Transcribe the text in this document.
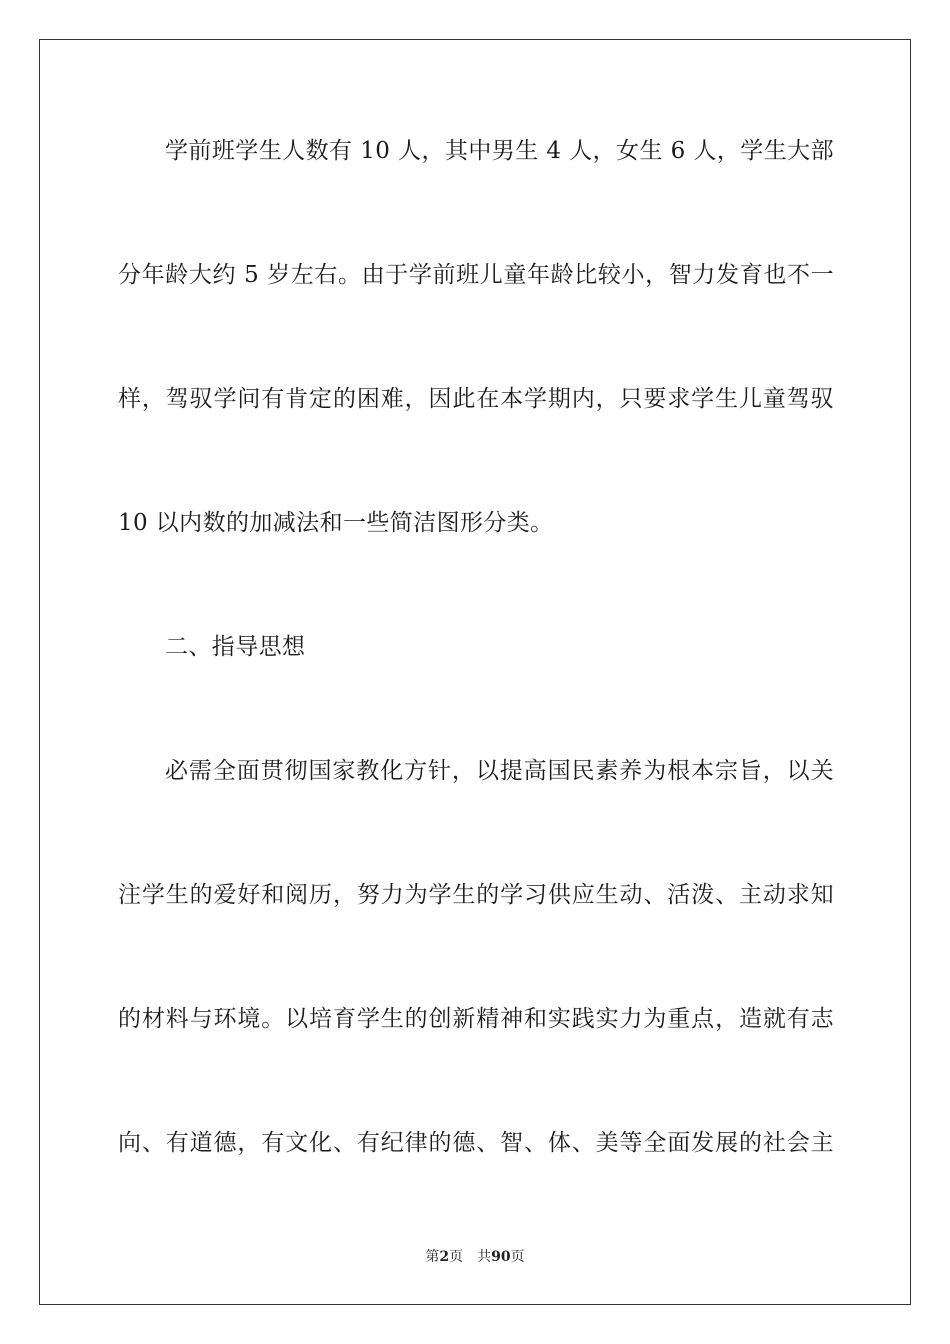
学前班学生人数有 10 人，其中男生 4 人，女生 6 人，学生大部
分年龄大约 5 岁左右。由于学前班儿童年龄比较小，智力发育也不一
样，驾驭学问有肯定的困难，因此在本学期内，只要求学生儿童驾驭
10 以内数的加减法和一些简洁图形分类。
二、指导思想
必需全面贯彻国家教化方针，以提高国民素养为根本宗旨，以关
注学生的爱好和阅历，努力为学生的学习供应生动、活泼、主动求知
的材料与环境。以培育学生的创新精神和实践实力为重点，造就有志
向、有道德，有文化、有纪律的德、智、体、美等全面发展的社会主
第2页 共90页
